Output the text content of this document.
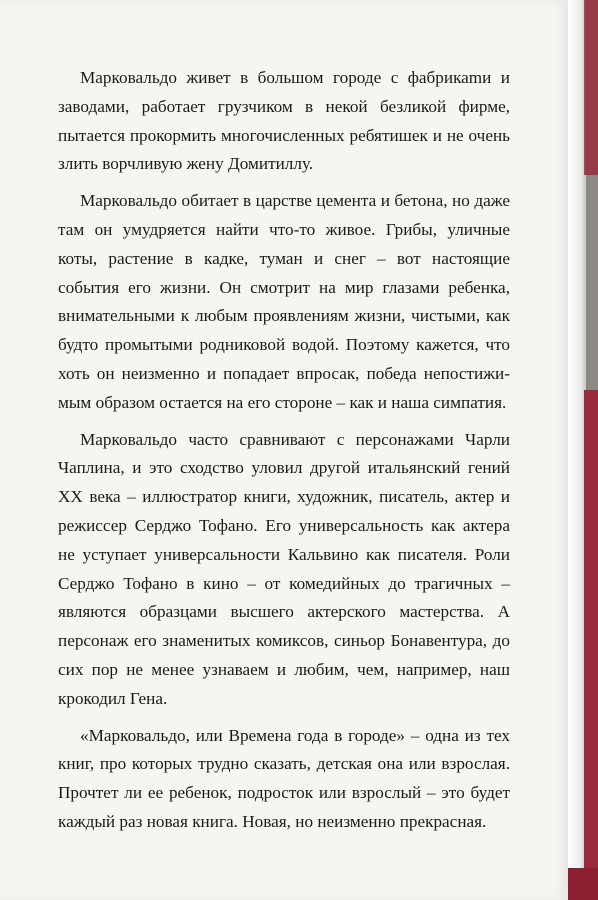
Марковальдо живет в большом городе с фабрикаmи и заводами, работает грузчиком в некой безликой фирме, пытается прокормить многочисленных ребятишек и не очень злить ворчливую жену Домитиллу.

Марковальдо обитает в царстве цемента и бетона, но даже там он умудряется найти что-то живое. Грибы, уличные коты, растение в кадке, туман и снег – вот настоящие события его жизни. Он смотрит на мир глазами ребенка, внимательными к любым проявлениям жизни, чистыми, как будто промытыми родниковой водой. Поэтому кажется, что хоть он неизменно и попадает впросак, победа непостижимым образом остается на его стороне – как и наша симпатия.

Марковальдо часто сравнивают с персонажами Чарли Чаплина, и это сходство уловил другой итальянский гений XX века – иллюстратор книги, художник, писатель, актер и режиссер Серджо Тофано. Его универсальность как актера не уступает универсальности Кальвино как писателя. Роли Серджо Тофано в кино – от комедийных до трагичных – являются образцами высшего актерского мастерства. А персонаж его знаменитых комиксов, синьор Бонавентура, до сих пор не менее узнаваем и любим, чем, например, наш крокодил Гена.

«Марковальдо, или Времена года в городе» – одна из тех книг, про которых трудно сказать, детская она или взрослая. Прочтет ли ее ребенок, подросток или взрослый – это будет каждый раз новая книга. Новая, но неизменно прекрасная.
